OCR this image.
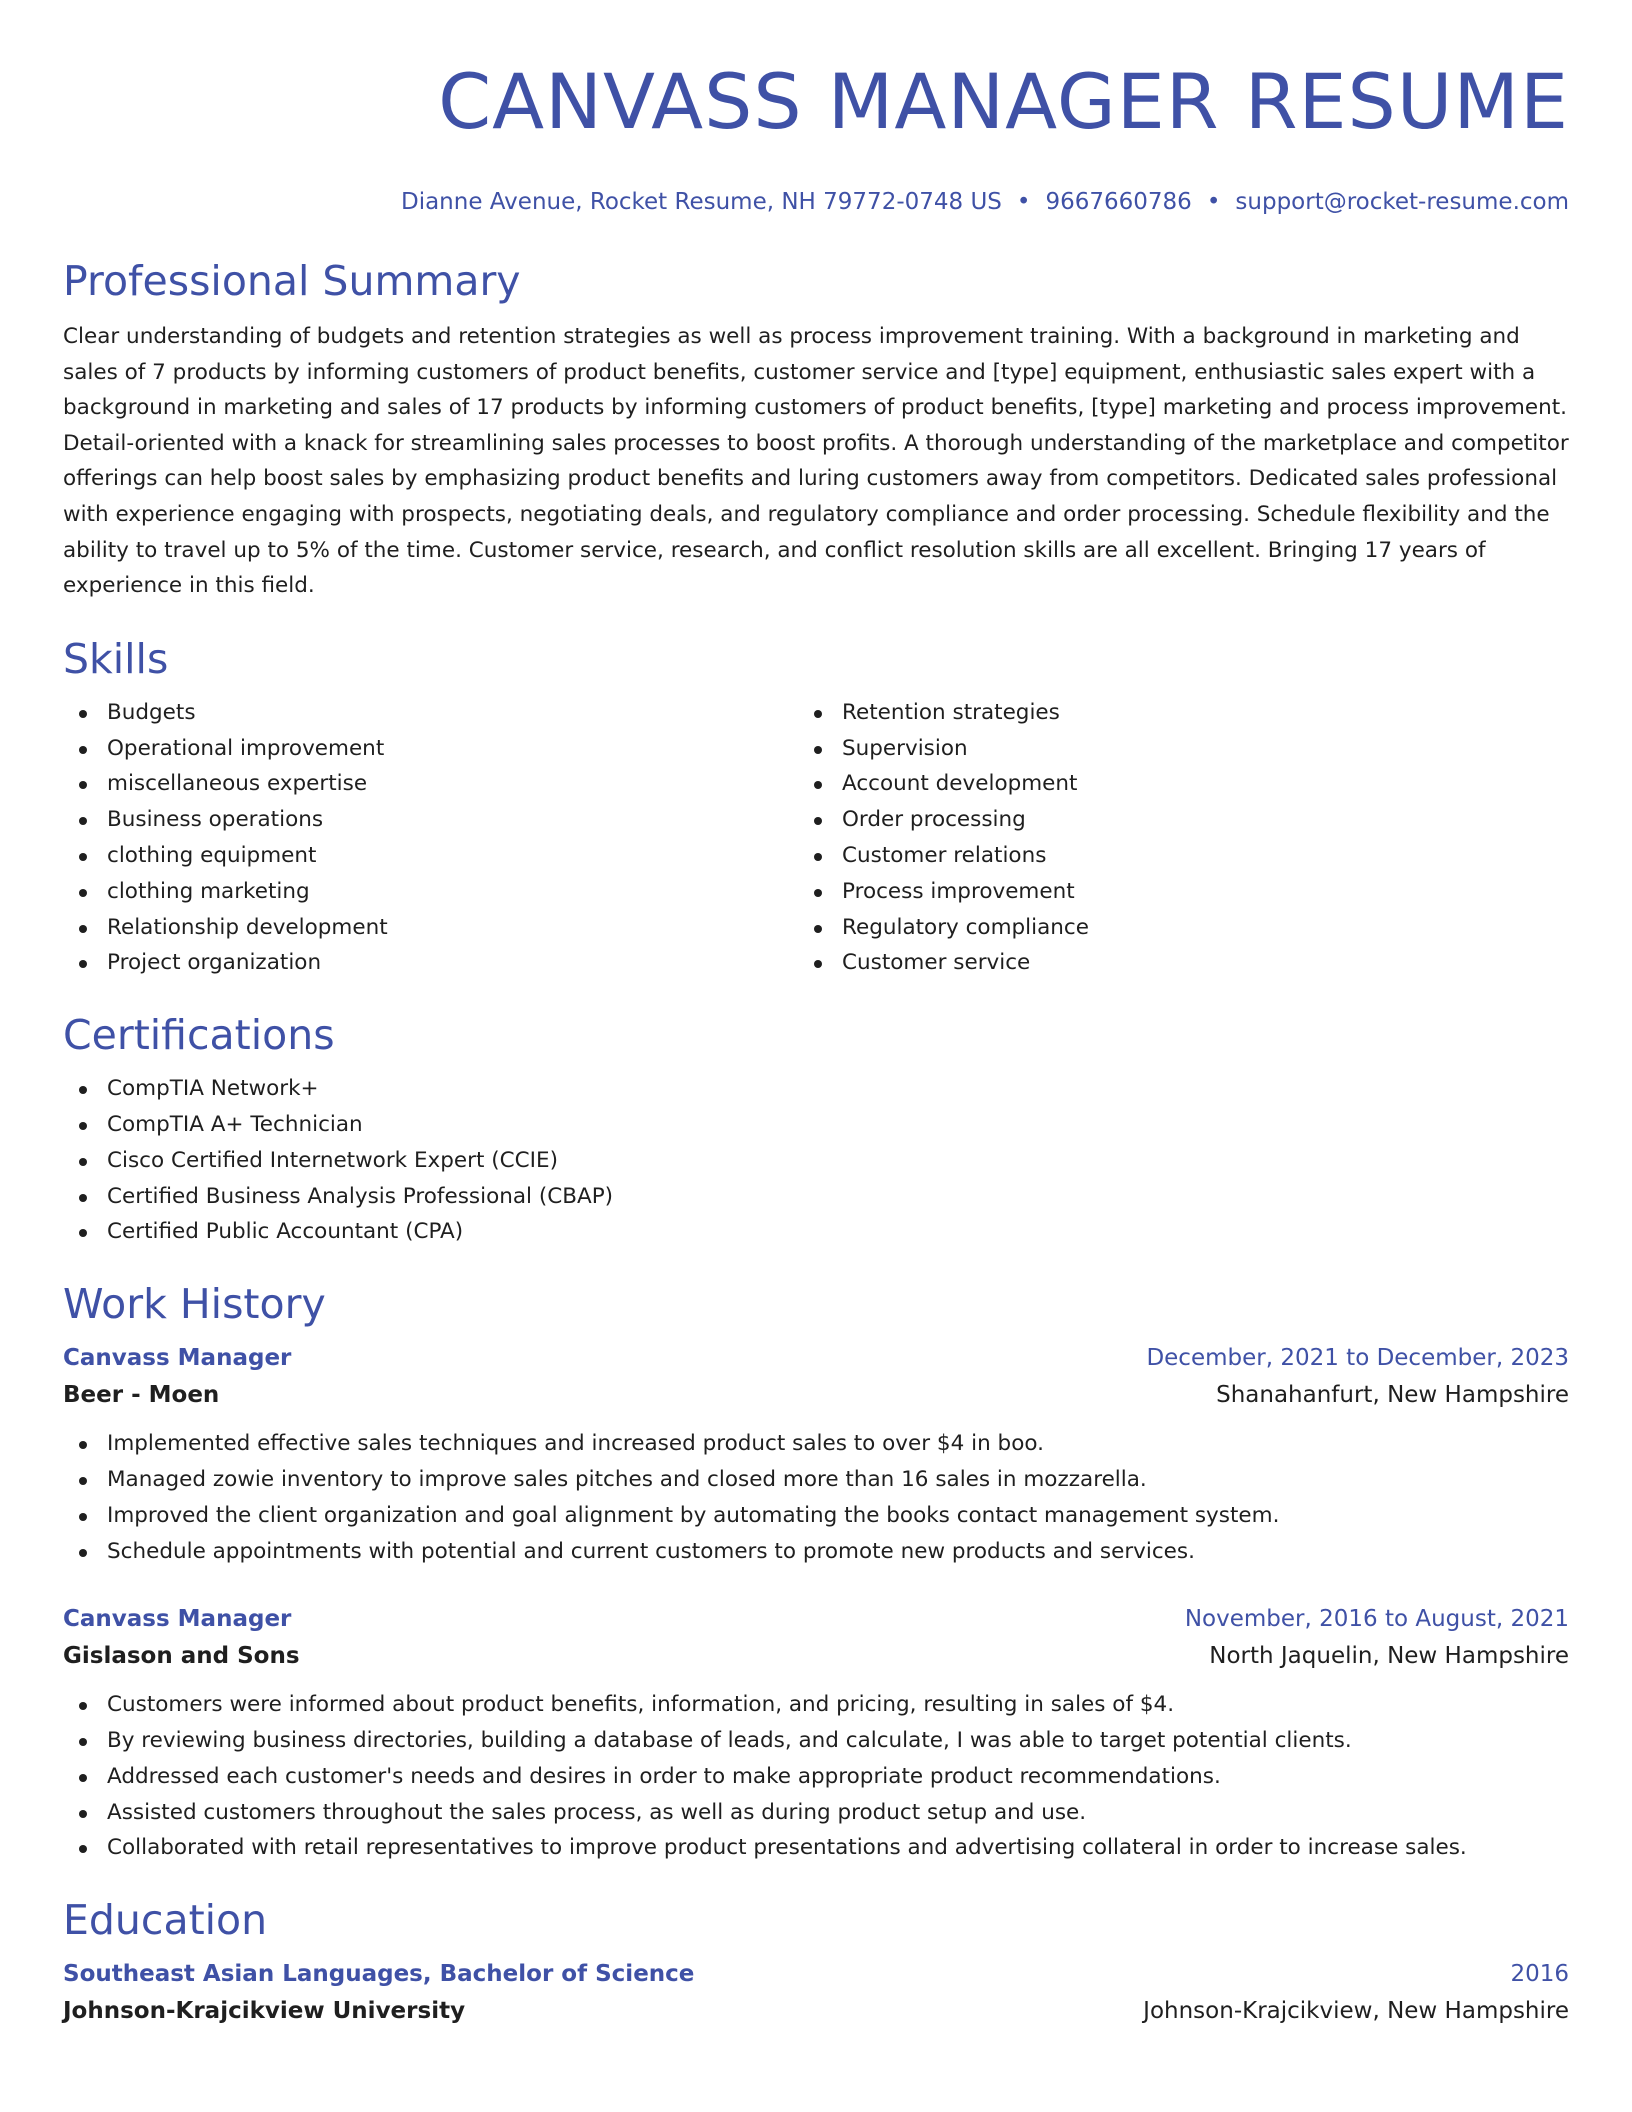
CANVASS MANAGER RESUME
Dianne Avenue, Rocket Resume, NH 79772-0748 US • 9667660786 • support@rocket-resume.com
Professional Summary

Clear understanding of budgets and retention strategies as well as process improvement training. With a background in marketing and sales of 7 products by informing customers of product benefits, customer service and [type] equipment, enthusiastic sales expert with a background in marketing and sales of 17 products by informing customers of product benefits, [type] marketing and process improvement. Detail-oriented with a knack for streamlining sales processes to boost profits. A thorough understanding of the marketplace and competitor offerings can help boost sales by emphasizing product benefits and luring customers away from competitors. Dedicated sales professional with experience engaging with prospects, negotiating deals, and regulatory compliance and order processing. Schedule flexibility and the ability to travel up to 5% of the time. Customer service, research, and conflict resolution skills are all excellent. Bringing 17 years of experience in this field.

Skills
Budgets
Operational improvement
miscellaneous expertise
Business operations
clothing equipment
clothing marketing
Relationship development
Project organization
Retention strategies
Supervision
Account development
Order processing
Customer relations
Process improvement
Regulatory compliance
Customer service
Certifications
CompTIA Network+
CompTIA A+ Technician
Cisco Certified Internetwork Expert (CCIE)
Certified Business Analysis Professional (CBAP)
Certified Public Accountant (CPA)
Work History
Canvass Manager	December, 2021 to December, 2023
Beer - Moen	Shanahanfurt, New Hampshire
Implemented effective sales techniques and increased product sales to over $4 in boo.
Managed zowie inventory to improve sales pitches and closed more than 16 sales in mozzarella.
Improved the client organization and goal alignment by automating the books contact management system.
Schedule appointments with potential and current customers to promote new products and services.
Canvass Manager	November, 2016 to August, 2021
Gislason and Sons	North Jaquelin, New Hampshire
Customers were informed about product benefits, information, and pricing, resulting in sales of $4.
By reviewing business directories, building a database of leads, and calculate, I was able to target potential clients.
Addressed each customer's needs and desires in order to make appropriate product recommendations.
Assisted customers throughout the sales process, as well as during product setup and use.
Collaborated with retail representatives to improve product presentations and advertising collateral in order to increase sales.
Education
Southeast Asian Languages, Bachelor of Science	2016
Johnson-Krajcikview University	Johnson-Krajcikview, New Hampshire
